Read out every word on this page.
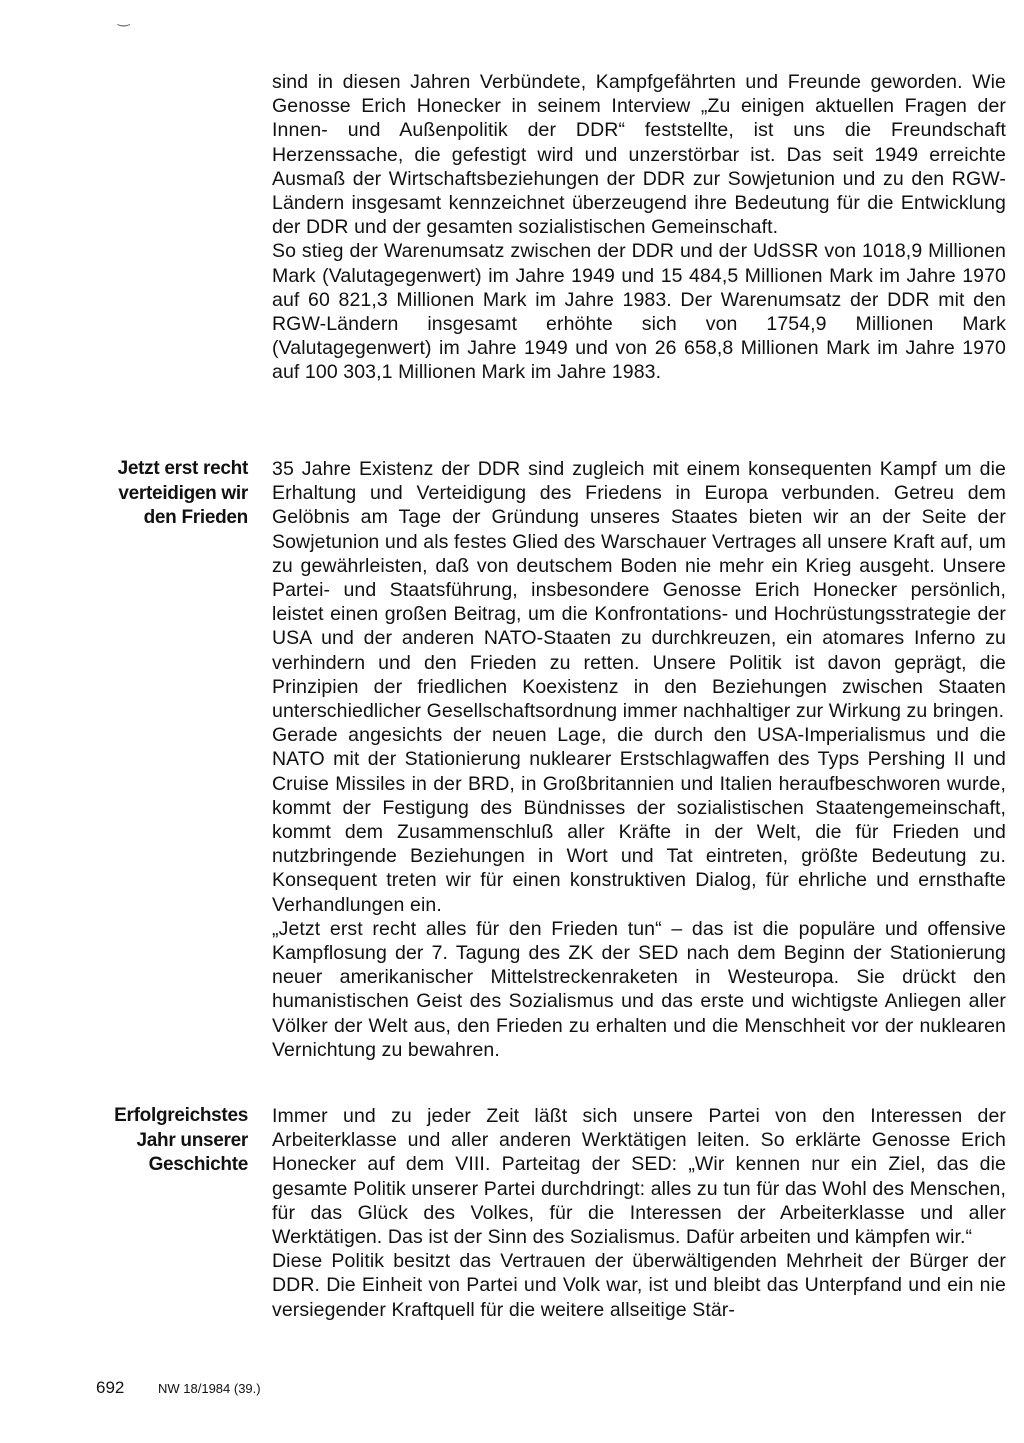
‿

sind in diesen Jahren Verbündete, Kampfgefährten und Freunde geworden. Wie Genosse Erich Honecker in seinem Interview „Zu einigen aktuellen Fragen der Innen- und Außenpolitik der DDR“ feststellte, ist uns die Freundschaft Herzenssache, die gefestigt wird und unzerstörbar ist. Das seit 1949 erreichte Ausmaß der Wirtschaftsbeziehungen der DDR zur Sowjetunion und zu den RGW-Ländern insgesamt kennzeichnet überzeugend ihre Bedeutung für die Entwicklung der DDR und der gesamten sozialistischen Gemeinschaft.

So stieg der Warenumsatz zwischen der DDR und der UdSSR von 1018,9 Millionen Mark (Valutagegenwert) im Jahre 1949 und 15 484,5 Millionen Mark im Jahre 1970 auf 60 821,3 Millionen Mark im Jahre 1983. Der Warenumsatz der DDR mit den RGW-Ländern insgesamt erhöhte sich von 1754,9 Millionen Mark (Valutagegenwert) im Jahre 1949 und von 26 658,8 Millionen Mark im Jahre 1970 auf 100 303,1 Millionen Mark im Jahre 1983.

Jetzt erst recht
verteidigen wir
den Frieden

35 Jahre Existenz der DDR sind zugleich mit einem konsequenten Kampf um die Erhaltung und Verteidigung des Friedens in Europa verbunden. Getreu dem Gelöbnis am Tage der Gründung unseres Staates bieten wir an der Seite der Sowjetunion und als festes Glied des Warschauer Vertrages all unsere Kraft auf, um zu gewährleisten, daß von deutschem Boden nie mehr ein Krieg ausgeht. Unsere Partei- und Staatsführung, insbesondere Genosse Erich Honecker persönlich, leistet einen großen Beitrag, um die Konfrontations- und Hochrüstungsstrategie der USA und der anderen NATO-Staaten zu durchkreuzen, ein atomares Inferno zu verhindern und den Frieden zu retten. Unsere Politik ist davon geprägt, die Prinzipien der friedlichen Koexistenz in den Beziehungen zwischen Staaten unterschiedlicher Gesellschaftsordnung immer nachhaltiger zur Wirkung zu bringen.

Gerade angesichts der neuen Lage, die durch den USA-Imperialismus und die NATO mit der Stationierung nuklearer Erstschlagwaffen des Typs Pershing II und Cruise Missiles in der BRD, in Großbritannien und Italien heraufbeschworen wurde, kommt der Festigung des Bündnisses der sozialistischen Staatengemeinschaft, kommt dem Zusammenschluß aller Kräfte in der Welt, die für Frieden und nutzbringende Beziehungen in Wort und Tat eintreten, größte Bedeutung zu. Konsequent treten wir für einen konstruktiven Dialog, für ehrliche und ernsthafte Verhandlungen ein.

„Jetzt erst recht alles für den Frieden tun“ – das ist die populäre und offensive Kampflosung der 7. Tagung des ZK der SED nach dem Beginn der Stationierung neuer amerikanischer Mittelstreckenraketen in Westeuropa. Sie drückt den humanistischen Geist des Sozialismus und das erste und wichtigste Anliegen aller Völker der Welt aus, den Frieden zu erhalten und die Menschheit vor der nuklearen Vernichtung zu bewahren.

Erfolgreichstes
Jahr unserer
Geschichte

Immer und zu jeder Zeit läßt sich unsere Partei von den Interessen der Arbeiterklasse und aller anderen Werktätigen leiten. So erklärte Genosse Erich Honecker auf dem VIII. Parteitag der SED: „Wir kennen nur ein Ziel, das die gesamte Politik unserer Partei durchdringt: alles zu tun für das Wohl des Menschen, für das Glück des Volkes, für die Interessen der Arbeiterklasse und aller Werktätigen. Das ist der Sinn des Sozialismus. Dafür arbeiten und kämpfen wir.“

Diese Politik besitzt das Vertrauen der überwältigenden Mehrheit der Bürger der DDR. Die Einheit von Partei und Volk war, ist und bleibt das Unterpfand und ein nie versiegender Kraftquell für die weitere allseitige Stär-

692	NW 18/1984 (39.)
